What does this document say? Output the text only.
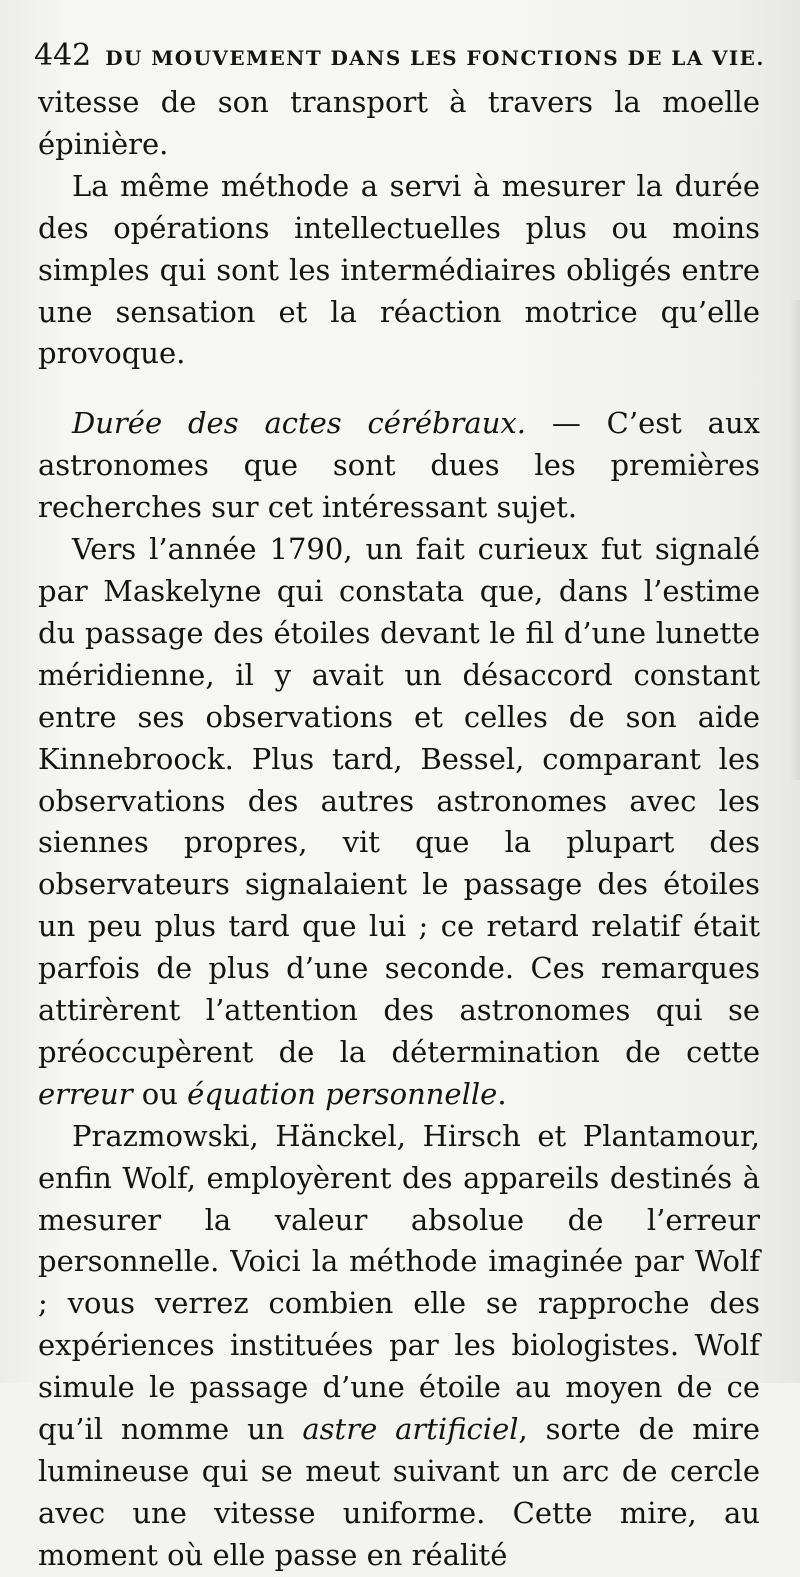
442 DU MOUVEMENT DANS LES FONCTIONS DE LA VIE.

vitesse de son transport à travers la moelle épinière.

La même méthode a servi à mesurer la durée des opérations intellectuelles plus ou moins simples qui sont les intermédiaires obligés entre une sensation et la réaction motrice qu’elle provoque.

Durée des actes cérébraux. — C’est aux astronomes que sont dues les premières recherches sur cet intéressant sujet.

Vers l’année 1790, un fait curieux fut signalé par Maskelyne qui constata que, dans l’estime du passage des étoiles devant le fil d’une lunette méridienne, il y avait un désaccord constant entre ses observations et celles de son aide Kinnebroock. Plus tard, Bessel, comparant les observations des autres astronomes avec les siennes propres, vit que la plupart des observateurs signalaient le passage des étoiles un peu plus tard que lui ; ce retard relatif était parfois de plus d’une seconde. Ces remarques attirèrent l’attention des astronomes qui se préoccupèrent de la détermination de cette erreur ou équation personnelle.

Prazmowski, Hänckel, Hirsch et Plantamour, enfin Wolf, employèrent des appareils destinés à mesurer la valeur absolue de l’erreur personnelle. Voici la méthode imaginée par Wolf ; vous verrez combien elle se rapproche des expériences instituées par les biologistes. Wolf simule le passage d’une étoile au moyen de ce qu’il nomme un astre artificiel, sorte de mire lumineuse qui se meut suivant un arc de cercle avec une vitesse uniforme. Cette mire, au moment où elle passe en réalité
